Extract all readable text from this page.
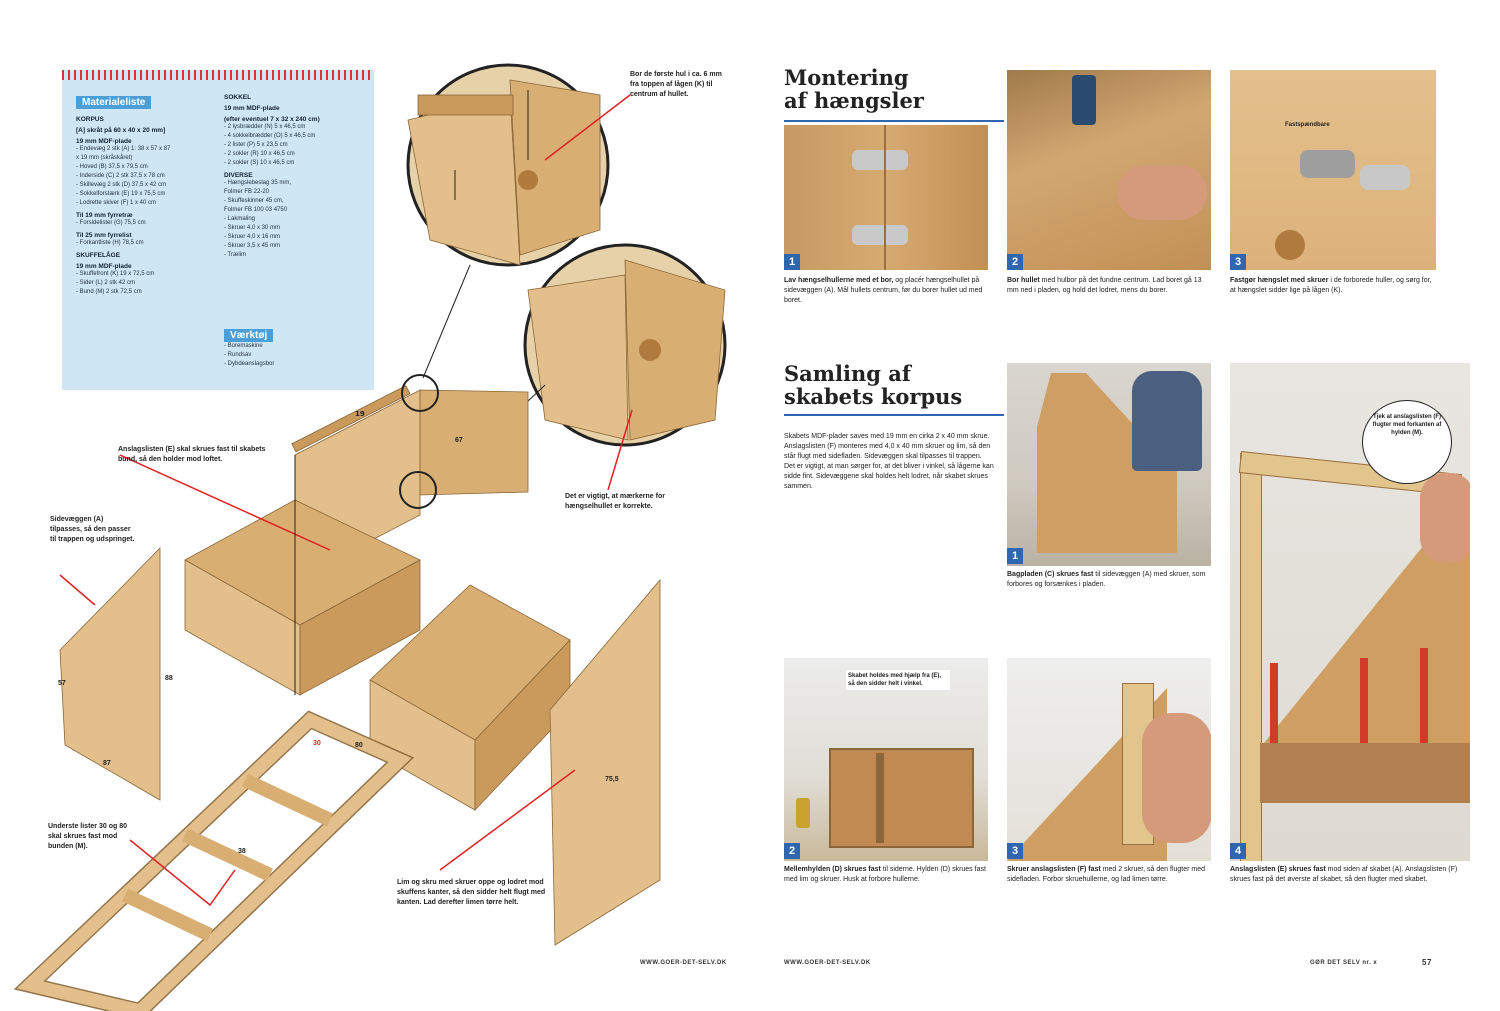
Materialeliste
KORPUS
[A] skråt på 60 x 40 x 20 mm]
19 mm MDF-plade
- Endevæg 2 stk (A) 1: 38 x 57 x 87
x 19 mm (skråskåret)
- Hoved (B) 37,5 x 79,5 cm
- Inderside (C) 2 stk 37,5 x 78 cm
- Skillevæg 2 stk (D) 37,5 x 42 cm
- Sokkelforstærk (E) 19 x 75,5 cm
- Lodrette skiver (F) 1 x 40 cm
Til 19 mm fyrretræ
- Forsidelister (G) 75,5 cm
Til 25 mm fyrrelist
- Forkantliste (H) 78,5 cm
SKUFFELÅGE
19 mm MDF-plade
- Skuffefront (K) 19 x 72,5 cm
- Sider (L) 2 stk 42 cm
- Bund (M) 2 stk 72,5 cm
SOKKEL
19 mm MDF-plade
(efter eventuel 7 x 32 x 240 cm)
- 2 lysbrædder (N) 5 x 46,5 cm
- 4 sokkelbrædder (O) 5 x 46,5 cm
- 2 lister (P) 5 x 23,5 cm
- 2 sokler (R) 10 x 46,5 cm
- 2 sokler (S) 10 x 46,5 cm
DIVERSE
- Hængslebeslag 35 mm,
Folmer FB 22-20
- Skuffeskinner 45 cm,
Folmer FB 100 03 4750
- Lakmaling
- Skruer 4,0 x 30 mm
- Skruer 4,0 x 16 mm
- Skruer 3,5 x 45 mm
- Trælim
Værktøj
- Boremaskine
- Rundsav
- Dybdeanslagsbor
19
67
57
88
87
75,5
30	80
38
Bor de første hul i ca. 6 mm fra toppen af lågen (K) til centrum af hullet.
Det er vigtigt, at mærkerne for hængselhullet er korrekte.
Anslagslisten (E) skal skrues fast til skabets bund, så den holder mod loftet.
Sidevæggen (A) tilpasses, så den passer til trappen og udspringet.
Underste lister 30 og 80 skal skrues fast mod bunden (M).
Lim og skru med skruer oppe og lodret mod skuffens kanter, så den sidder helt flugt med kanten. Lad derefter limen tørre helt.
WWW.GOER-DET-SELV.DK
Montering
af hængsler
1
Lav hængselhullerne med et bor, og placér hængselhullet på sidevæggen (A). Mål hullets centrum, før du borer hullet ud med boret.
2
Bor hullet med hulbor på det fundne centrum. Lad boret gå 13 mm ned i pladen, og hold det lodret, mens du borer.
Fastspændbare
3
Fastgør hængslet med skruer i de forborede huller, og sørg for, at hængslet sidder lige på lågen (K).
Samling af
skabets korpus
Skabets MDF-plader saves med 19 mm en cirka 2 x 40 mm skrue. Anslagslisten (F) monteres med 4,0 x 40 mm skruer og lim, så den står flugt med sidefladen. Sidevæggen skal tilpasses til trappen. Det er vigtigt, at man sørger for, at det bliver i vinkel, så lågerne kan sidde fint. Sidevæggene skal holdes helt lodret, når skabet skrues sammen.
1
Bagpladen (C) skrues fast til sidevæggen (A) med skruer, som forbores og forsænkes i pladen.
Tjek at anslagslisten (F) flugter med forkanten af hylden (M).
4
Anslagslisten (E) skrues fast mod siden af skabet (A). Anslagslisten (F) skrues fast på det øverste af skabet, så den flugter med skabet.
Skabet holdes med hjælp fra (E), så den sidder helt i vinkel.
2
Mellemhylden (D) skrues fast til siderne. Hylden (D) skrues fast med lim og skruer. Husk at forbore hullerne.
3
Skruer anslagslisten (F) fast med 2 skruer, så den flugter med sidefladen. Forbor skruehullerne, og lad limen tørre.
WWW.GOER-DET-SELV.DK	GØR DET SELV nr. x	57
